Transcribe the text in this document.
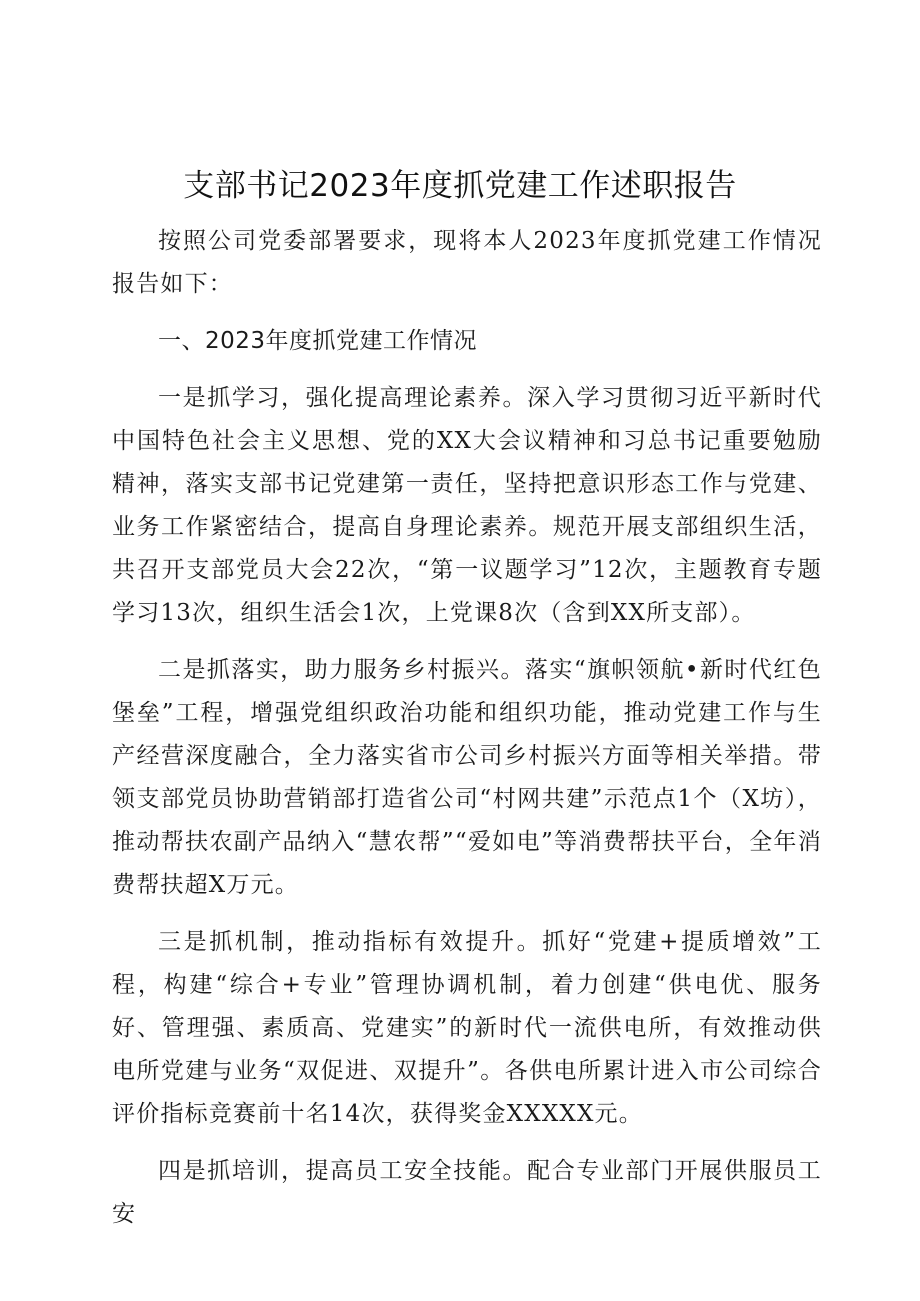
支部书记2023年度抓党建工作述职报告

按照公司党委部署要求，现将本人2023年度抓党建工作情况报告如下：

一、2023年度抓党建工作情况

一是抓学习，强化提高理论素养。深入学习贯彻习近平新时代中国特色社会主义思想、党的XX大会议精神和习总书记重要勉励精神，落实支部书记党建第一责任，坚持把意识形态工作与党建、业务工作紧密结合，提高自身理论素养。规范开展支部组织生活，共召开支部党员大会22次，“第一议题学习”12次，主题教育专题学习13次，组织生活会1次，上党课8次（含到XX所支部）。

二是抓落实，助力服务乡村振兴。落实“旗帜领航•新时代红色堡垒”工程，增强党组织政治功能和组织功能，推动党建工作与生产经营深度融合，全力落实省市公司乡村振兴方面等相关举措。带领支部党员协助营销部打造省公司“村网共建”示范点1个（X坊），推动帮扶农副产品纳入“慧农帮”“爱如电”等消费帮扶平台，全年消费帮扶超X万元。

三是抓机制，推动指标有效提升。抓好“党建+提质增效”工程，构建“综合+专业”管理协调机制，着力创建“供电优、服务好、管理强、素质高、党建实”的新时代一流供电所，有效推动供电所党建与业务“双促进、双提升”。各供电所累计进入市公司综合评价指标竞赛前十名14次，获得奖金XXXXX元。

四是抓培训，提高员工安全技能。配合专业部门开展供服员工安
